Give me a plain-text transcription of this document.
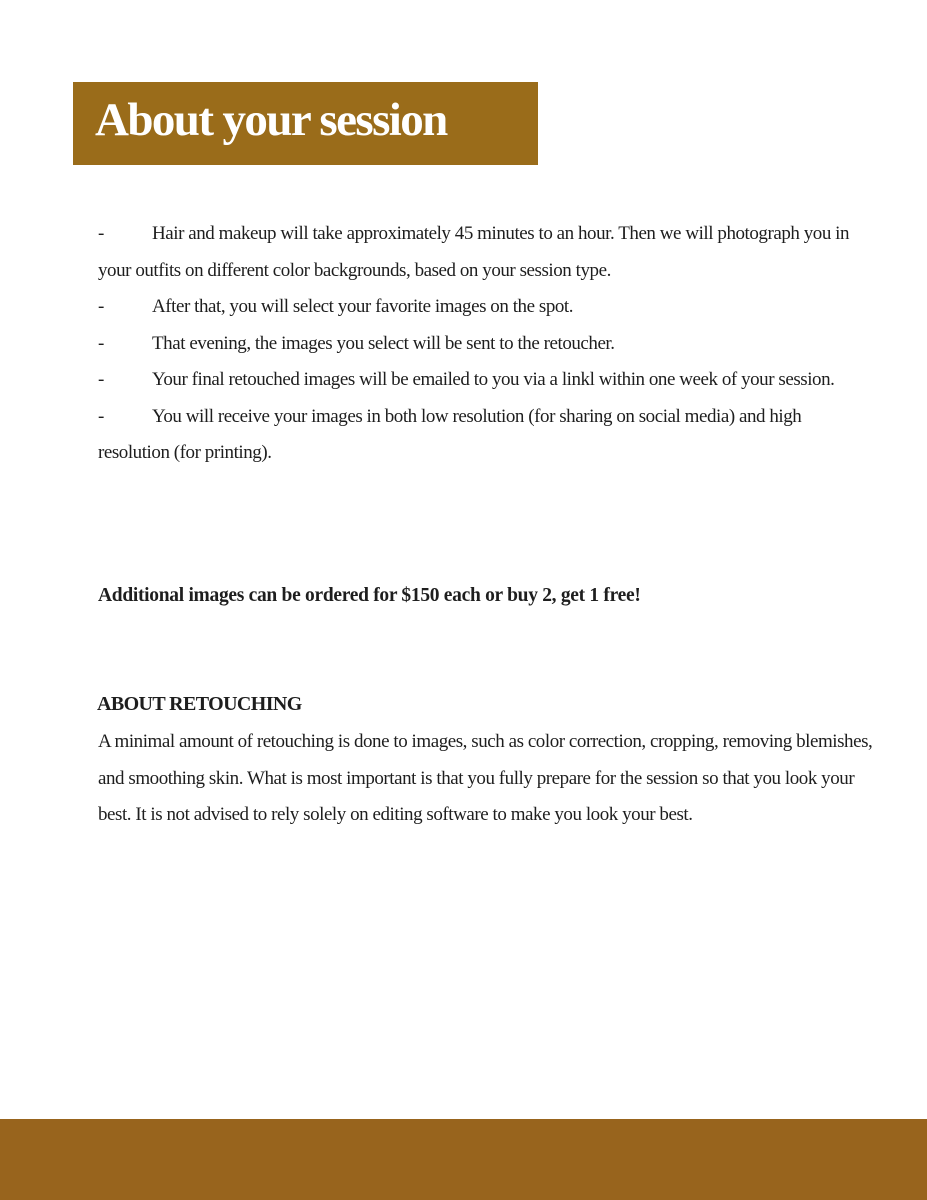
About your session
-	Hair and makeup will take approximately 45 minutes to an hour. Then we will photograph you in your outfits on different color backgrounds, based on your session type.
-	After that, you will select your favorite images on the spot.
-	That evening, the images you select will be sent to the retoucher.
-	Your final retouched images will be emailed to you via a linkl within one week of your session.
-	You will receive your images in both low resolution (for sharing on social media) and high resolution (for printing).
Additional images can be ordered for $150 each or buy 2, get 1 free!
ABOUT RETOUCHING
A minimal amount of retouching is done to images, such as color correction, cropping, removing blemishes, and smoothing skin. What is most important is that you fully prepare for the session so that you look your best. It is not advised to rely solely on editing software to make you look your best.
